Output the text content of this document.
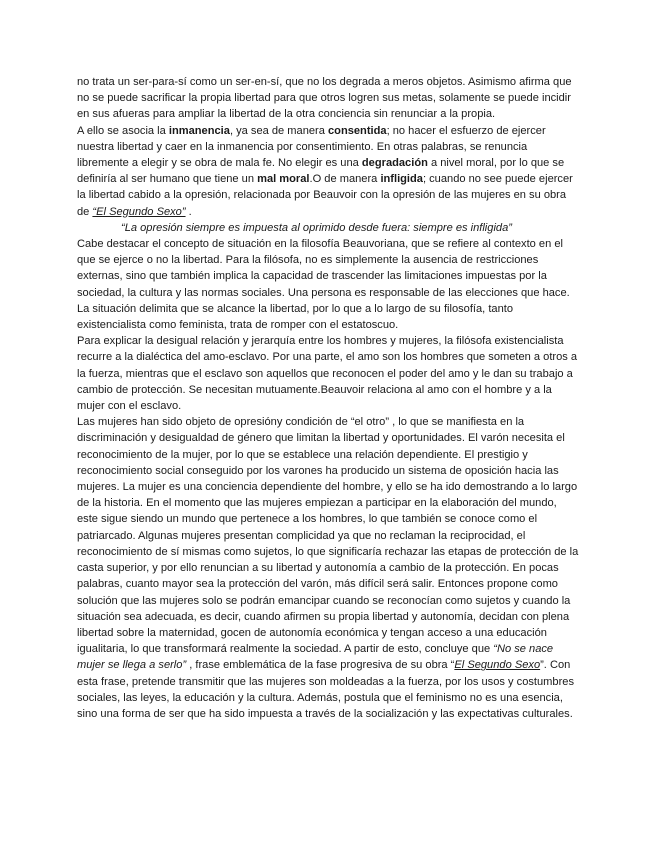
no trata un ser-para-sí como un ser-en-sí, que no los degrada a meros objetos. Asimismo afirma que no se puede sacrificar la propia libertad para que otros logren sus metas, solamente se puede incidir en sus afueras para ampliar la libertad de la otra conciencia sin renunciar a la propia.

A ello se asocia la inmanencia, ya sea de manera consentida; no hacer el esfuerzo de ejercer nuestra libertad y caer en la inmanencia por consentimiento. En otras palabras, se renuncia libremente a elegir y se obra de mala fe. No elegir es una degradación a nivel moral, por lo que se definiría al ser humano que tiene un mal moral.O de manera infligida; cuando no see puede ejercer la libertad cabido a la opresión, relacionada por Beauvoir con la opresión de las mujeres en su obra de “El Segundo Sexo” .

“La opresión siempre es impuesta al oprimido desde fuera: siempre es infligida”

Cabe destacar el concepto de situación en la filosofía Beauvoriana, que se refiere al contexto en el que se ejerce o no la libertad. Para la filósofa, no es simplemente la ausencia de restricciones externas, sino que también implica la capacidad de trascender las limitaciones impuestas por la sociedad, la cultura y las normas sociales. Una persona es responsable de las elecciones que hace. La situación delimita que se alcance la libertad, por lo que a lo largo de su filosofía, tanto existencialista como feminista, trata de romper con el estatoscuo.

Para explicar la desigual relación y jerarquía entre los hombres y mujeres, la filósofa existencialista recurre a la dialéctica del amo-esclavo. Por una parte, el amo son los hombres que someten a otros a la fuerza, mientras que el esclavo son aquellos que reconocen el poder del amo y le dan su trabajo a cambio de protección. Se necesitan mutuamente.Beauvoir relaciona al amo con el hombre y a la mujer con el esclavo.

Las mujeres han sido objeto de opresióny condición de “el otro” , lo que se manifiesta en la discriminación y desigualdad de género que limitan la libertad y oportunidades. El varón necesita el reconocimiento de la mujer, por lo que se establece una relación dependiente. El prestigio y reconocimiento social conseguido por los varones ha producido un sistema de oposición hacia las mujeres. La mujer es una conciencia dependiente del hombre, y ello se ha ido demostrando a lo largo de la historia. En el momento que las mujeres empiezan a participar en la elaboración del mundo, este sigue siendo un mundo que pertenece a los hombres, lo que también se conoce como el patriarcado. Algunas mujeres presentan complicidad ya que no reclaman la reciprocidad, el reconocimiento de sí mismas como sujetos, lo que significaría rechazar las etapas de protección de la casta superior, y por ello renuncian a su libertad y autonomía a cambio de la protección. En pocas palabras, cuanto mayor sea la protección del varón, más difícil será salir. Entonces propone como solución que las mujeres solo se podrán emancipar cuando se reconocían como sujetos y cuando la situación sea adecuada, es decir, cuando afirmen su propia libertad y autonomía, decidan con plena libertad sobre la maternidad, gocen de autonomía económica y tengan acceso a una educación igualitaria, lo que transformará realmente la sociedad. A partir de esto, concluye que “No se nace mujer se llega a serlo” , frase emblemática de la fase progresiva de su obra “El Segundo Sexo”. Con esta frase, pretende transmitir que las mujeres son moldeadas a la fuerza, por los usos y costumbres sociales, las leyes, la educación y la cultura. Además, postula que el feminismo no es una esencia, sino una forma de ser que ha sido impuesta a través de la socialización y las expectativas culturales.
